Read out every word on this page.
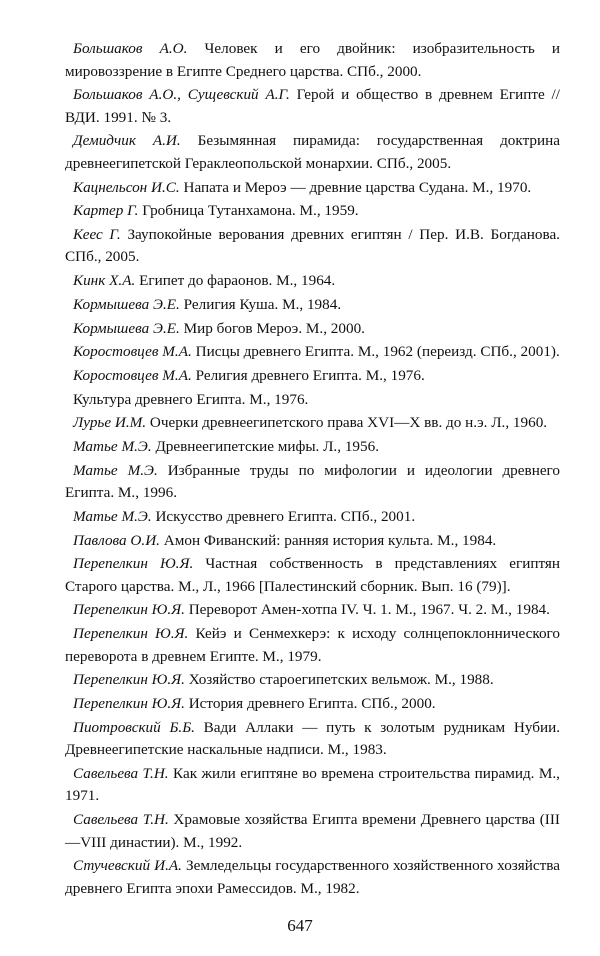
Большаков А.О. Человек и его двойник: изобразительность и мировоззрение в Египте Среднего царства. СПб., 2000.

Большаков А.О., Сущевский А.Г. Герой и общество в древнем Египте // ВДИ. 1991. № 3.

Демидчик А.И. Безымянная пирамида: государственная доктрина древнеегипетской Гераклеопольской монархии. СПб., 2005.

Кацнельсон И.С. Напата и Мероэ — древние царства Судана. М., 1970.

Картер Г. Гробница Тутанхамона. М., 1959.

Кеес Г. Заупокойные верования древних египтян / Пер. И.В. Богданова. СПб., 2005.

Кинк Х.А. Египет до фараонов. М., 1964.

Кормышева Э.Е. Религия Куша. М., 1984.

Кормышева Э.Е. Мир богов Мероэ. М., 2000.

Коростовцев М.А. Писцы древнего Египта. М., 1962 (переизд. СПб., 2001).

Коростовцев М.А. Религия древнего Египта. М., 1976.

Культура древнего Египта. М., 1976.

Лурье И.М. Очерки древнеегипетского права XVI—X вв. до н.э. Л., 1960.

Матье М.Э. Древнеегипетские мифы. Л., 1956.

Матье М.Э. Избранные труды по мифологии и идеологии древнего Египта. М., 1996.

Матье М.Э. Искусство древнего Египта. СПб., 2001.

Павлова О.И. Амон Фиванский: ранняя история культа. М., 1984.

Перепелкин Ю.Я. Частная собственность в представлениях египтян Старого царства. М., Л., 1966 [Палестинский сборник. Вып. 16 (79)].

Перепелкин Ю.Я. Переворот Амен-хотпа IV. Ч. 1. М., 1967. Ч. 2. М., 1984.

Перепелкин Ю.Я. Кейэ и Сенмехкерэ: к исходу солнцепоклоннического переворота в древнем Египте. М., 1979.

Перепелкин Ю.Я. Хозяйство староегипетских вельмож. М., 1988.

Перепелкин Ю.Я. История древнего Египта. СПб., 2000.

Пиотровский Б.Б. Вади Аллаки — путь к золотым рудникам Нубии. Древнеегипетские наскальные надписи. М., 1983.

Савельева Т.Н. Как жили египтяне во времена строительства пирамид. М., 1971.

Савельева Т.Н. Храмовые хозяйства Египта времени Древнего царства (III—VIII династии). М., 1992.

Стучевский И.А. Земледельцы государственного хозяйственного хозяйства древнего Египта эпохи Рамессидов. М., 1982.

647
